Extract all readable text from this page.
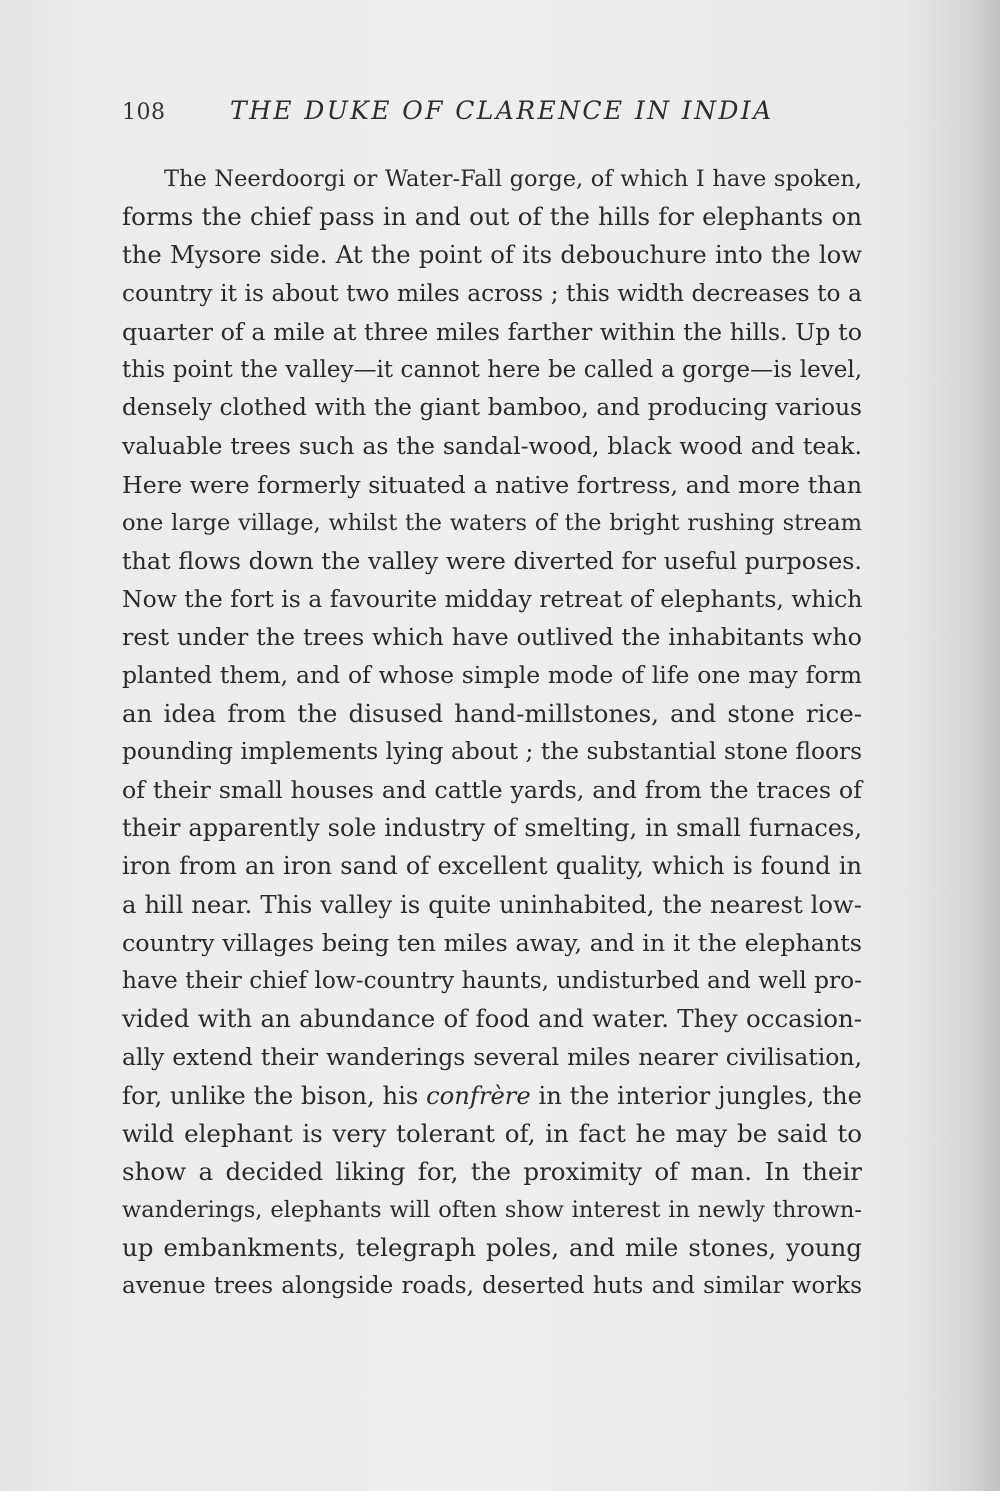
108	THE DUKE OF CLARENCE IN INDIA
The Neerdoorgi or Water-Fall gorge, of which I have spoken,
forms the chief pass in and out of the hills for elephants on
the Mysore side. At the point of its debouchure into the low
country it is about two miles across ; this width decreases to a
quarter of a mile at three miles farther within the hills. Up to
this point the valley—it cannot here be called a gorge—is level,
densely clothed with the giant bamboo, and producing various
valuable trees such as the sandal-wood, black wood and teak.
Here were formerly situated a native fortress, and more than
one large village, whilst the waters of the bright rushing stream
that flows down the valley were diverted for useful purposes.
Now the fort is a favourite midday retreat of elephants, which
rest under the trees which have outlived the inhabitants who
planted them, and of whose simple mode of life one may form
an idea from the disused hand-millstones, and stone rice-
pounding implements lying about ; the substantial stone floors
of their small houses and cattle yards, and from the traces of
their apparently sole industry of smelting, in small furnaces,
iron from an iron sand of excellent quality, which is found in
a hill near. This valley is quite uninhabited, the nearest low-
country villages being ten miles away, and in it the elephants
have their chief low-country haunts, undisturbed and well pro-
vided with an abundance of food and water. They occasion-
ally extend their wanderings several miles nearer civilisation,
for, unlike the bison, his confrère in the interior jungles, the
wild elephant is very tolerant of, in fact he may be said to
show a decided liking for, the proximity of man. In their
wanderings, elephants will often show interest in newly thrown-
up embankments, telegraph poles, and mile stones, young
avenue trees alongside roads, deserted huts and similar works
